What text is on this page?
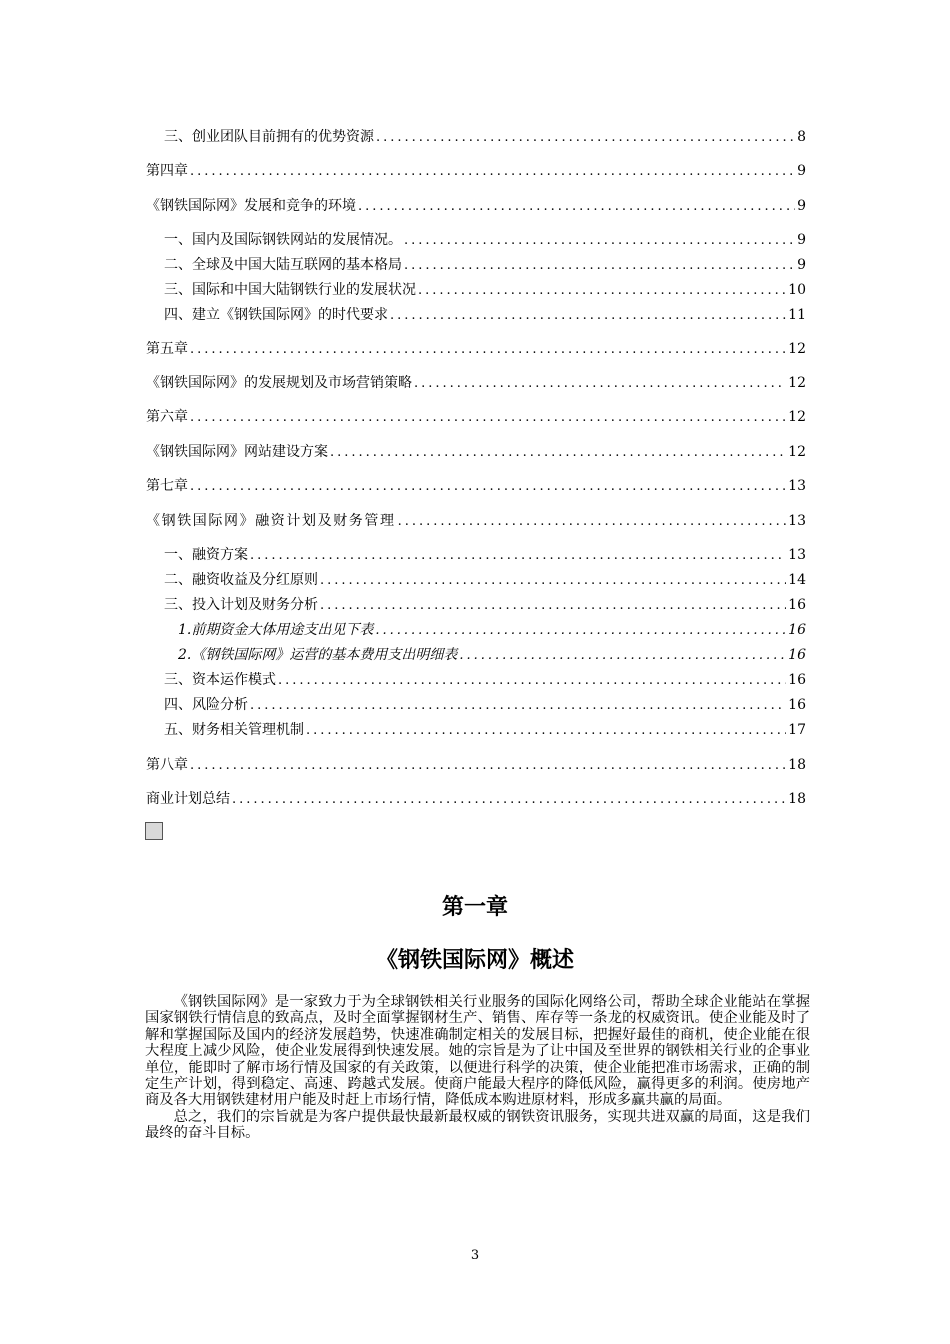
三、创业团队目前拥有的优势资源 .....	8
第四章 .....	9
《钢铁国际网》发展和竞争的环境 .....	9
一、国内及国际钢铁网站的发展情况。 .....	9
二、全球及中国大陆互联网的基本格局 .....	9
三、国际和中国大陆钢铁行业的发展状况 .....	10
四、建立《钢铁国际网》的时代要求 .....	11
第五章 .....	12
《钢铁国际网》的发展规划及市场营销策略 .....	12
第六章 .....	12
《钢铁国际网》网站建设方案 .....	12
第七章 .....	13
《钢铁国际网》融资计划及财务管理 .....	13
一、融资方案 .....	13
二、融资收益及分红原则 .....	14
三、投入计划及财务分析 .....	16
1.前期资金大体用途支出见下表 .....	16
2.《钢铁国际网》运营的基本费用支出明细表 .....	16
三、资本运作模式 .....	16
四、风险分析 .....	16
五、财务相关管理机制 .....	17
第八章 .....	18
商业计划总结 .....	18
第一章
《钢铁国际网》概述

《钢铁国际网》是一家致力于为全球钢铁相关行业服务的国际化网络公司，帮助全球企业能站在掌握国家钢铁行情信息的致高点，及时全面掌握钢材生产、销售、库存等一条龙的权威资讯。使企业能及时了解和掌握国际及国内的经济发展趋势，快速准确制定相关的发展目标，把握好最佳的商机，使企业能在很大程度上减少风险，使企业发展得到快速发展。她的宗旨是为了让中国及至世界的钢铁相关行业的企事业单位，能即时了解市场行情及国家的有关政策，以便进行科学的决策，使企业能把准市场需求，正确的制定生产计划，得到稳定、高速、跨越式发展。使商户能最大程序的降低风险，赢得更多的利润。使房地产商及各大用钢铁建材用户能及时赶上市场行情，降低成本购进原材料，形成多赢共赢的局面。

总之，我们的宗旨就是为客户提供最快最新最权威的钢铁资讯服务，实现共进双赢的局面，这是我们最终的奋斗目标。

3
